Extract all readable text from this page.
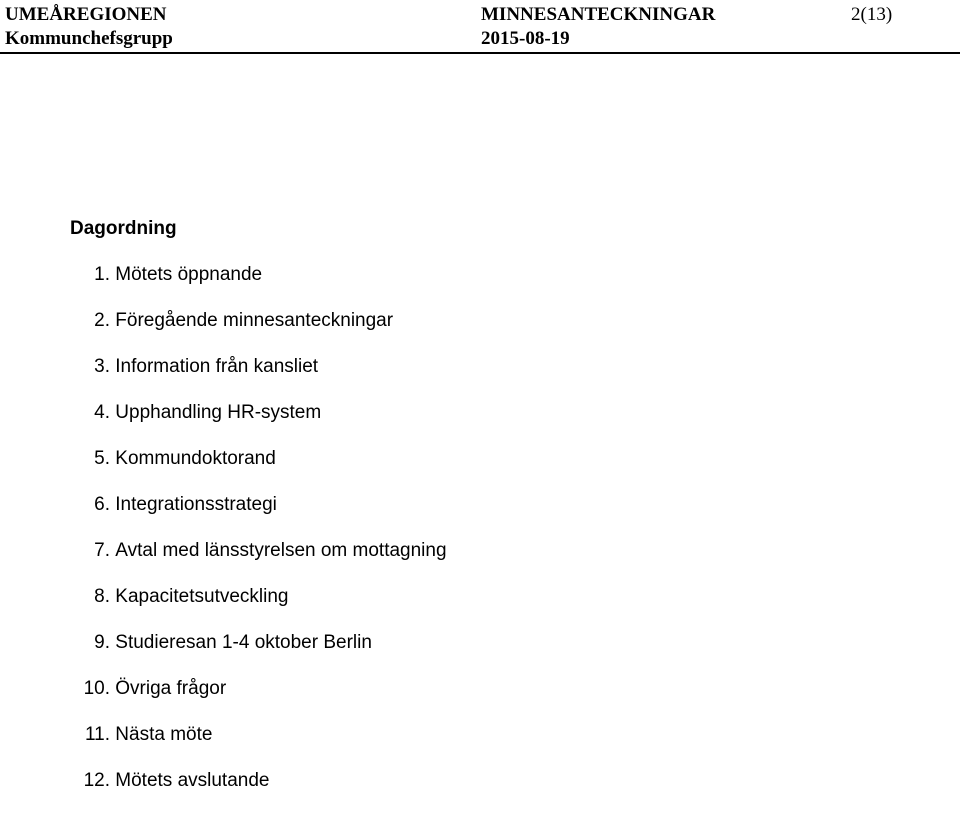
UMEÅREGIONEN
Kommunchefsgrupp
MINNESANTECKNINGAR
2015-08-19
2(13)
Dagordning
1. Mötets öppnande
2. Föregående minnesanteckningar
3. Information från kansliet
4. Upphandling HR-system
5. Kommundoktorand
6. Integrationsstrategi
7. Avtal med länsstyrelsen om mottagning
8. Kapacitetsutveckling
9. Studieresan 1-4 oktober Berlin
10. Övriga frågor
11. Nästa möte
12. Mötets avslutande
